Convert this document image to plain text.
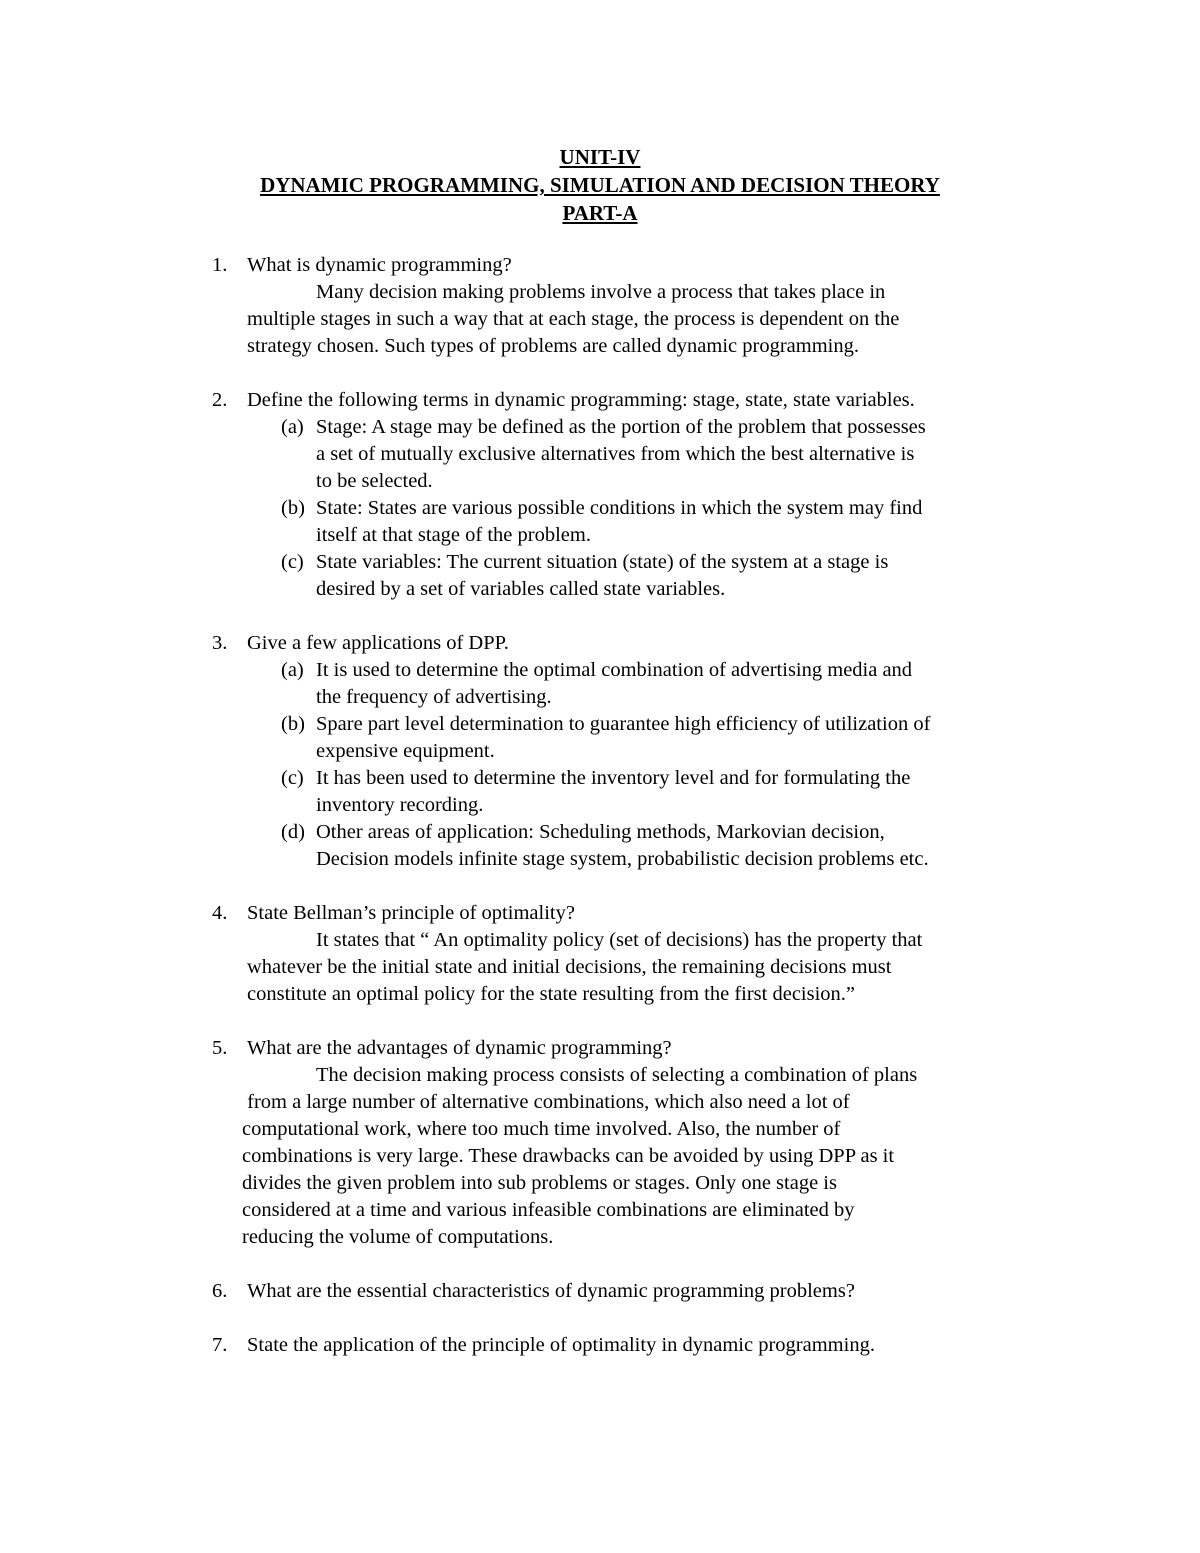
UNIT-IV

DYNAMIC PROGRAMMING, SIMULATION AND DECISION THEORY

PART-A

1. What is dynamic programming?
Many decision making problems involve a process that takes place in
multiple stages in such a way that at each stage, the process is dependent on the
strategy chosen. Such types of problems are called dynamic programming.
2. Define the following terms in dynamic programming: stage, state, state variables.
(a) Stage: A stage may be defined as the portion of the problem that possesses
a set of mutually exclusive alternatives from which the best alternative is
to be selected.
(b) State: States are various possible conditions in which the system may find
itself at that stage of the problem.
(c) State variables: The current situation (state) of the system at a stage is
desired by a set of variables called state variables.
3. Give a few applications of DPP.
(a) It is used to determine the optimal combination of advertising media and
the frequency of advertising.
(b) Spare part level determination to guarantee high efficiency of utilization of
expensive equipment.
(c) It has been used to determine the inventory level and for formulating the
inventory recording.
(d) Other areas of application: Scheduling methods, Markovian decision,
Decision models infinite stage system, probabilistic decision problems etc.
4. State Bellman’s principle of optimality?
It states that “ An optimality policy (set of decisions) has the property that
whatever be the initial state and initial decisions, the remaining decisions must
constitute an optimal policy for the state resulting from the first decision.”
5. What are the advantages of dynamic programming?
The decision making process consists of selecting a combination of plans
from a large number of alternative combinations, which also need a lot of
computational work, where too much time involved. Also, the number of
combinations is very large. These drawbacks can be avoided by using DPP as it
divides the given problem into sub problems or stages. Only one stage is
considered at a time and various infeasible combinations are eliminated by
reducing the volume of computations.
6. What are the essential characteristics of dynamic programming problems?
7. State the application of the principle of optimality in dynamic programming.
